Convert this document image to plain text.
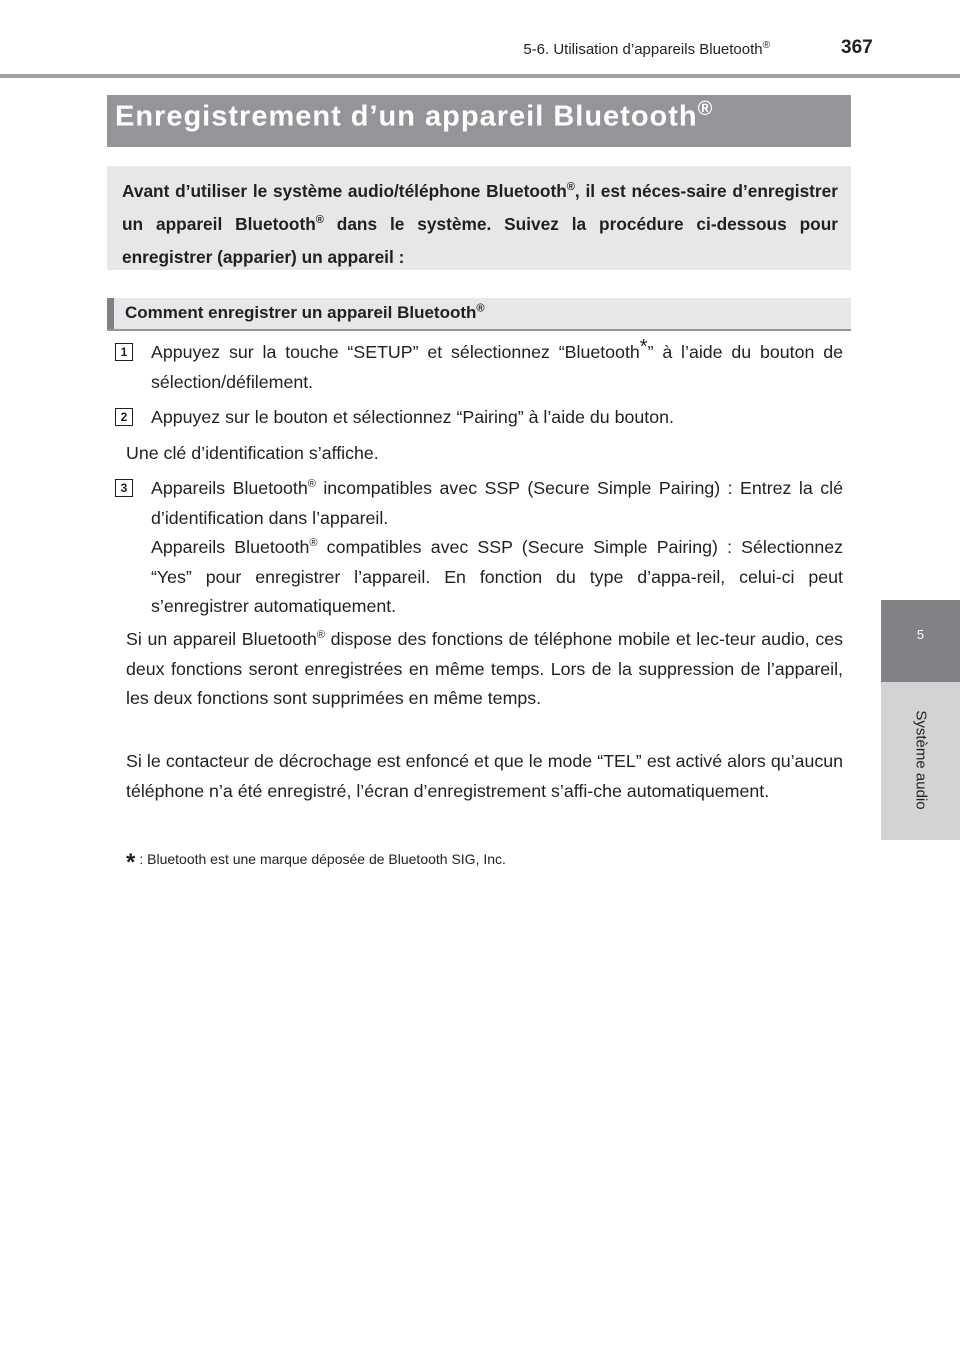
5-6. Utilisation d’appareils Bluetooth®	367
5
Système audio
Enregistrement d’un appareil Bluetooth®
Avant d’utiliser le système audio/téléphone Bluetooth®, il est néces-saire d’enregistrer un appareil Bluetooth® dans le système. Suivez la procédure ci-dessous pour enregistrer (apparier) un appareil :
Comment enregistrer un appareil Bluetooth®
1	Appuyez sur la touche “SETUP” et sélectionnez “Bluetooth*” à l’aide du bouton de sélection/défilement.
2	Appuyez sur le bouton et sélectionnez “Pairing” à l’aide du bouton.
Une clé d’identification s’affiche.
3	Appareils Bluetooth® incompatibles avec SSP (Secure Simple Pairing) : Entrez la clé d’identification dans l’appareil.
Appareils Bluetooth® compatibles avec SSP (Secure Simple Pairing) : Sélectionnez “Yes” pour enregistrer l’appareil. En fonction du type d’appa-reil, celui-ci peut s’enregistrer automatiquement.
Si un appareil Bluetooth® dispose des fonctions de téléphone mobile et lec-teur audio, ces deux fonctions seront enregistrées en même temps. Lors de la suppression de l’appareil, les deux fonctions sont supprimées en même temps.
Si le contacteur de décrochage est enfoncé et que le mode “TEL” est activé alors qu’aucun téléphone n’a été enregistré, l’écran d’enregistrement s’affi-che automatiquement.
* : Bluetooth est une marque déposée de Bluetooth SIG, Inc.
